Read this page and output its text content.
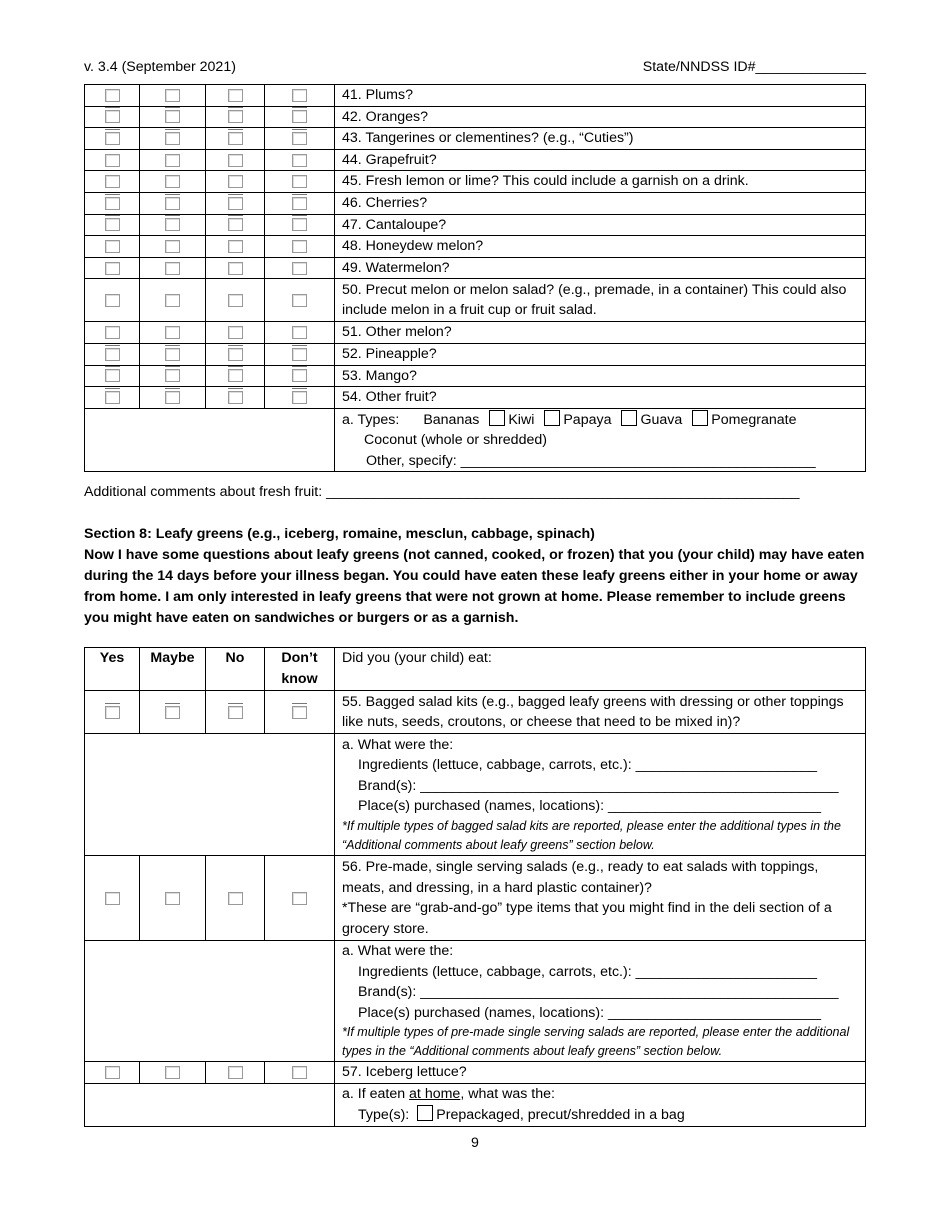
v. 3.4 (September 2021)	State/NNDSS ID#______________
				41. Plums?
				42. Oranges?
				43. Tangerines or clementines? (e.g., “Cuties”)
				44. Grapefruit?
				45. Fresh lemon or lime? This could include a garnish on a drink.
				46. Cherries?
				47. Cantaloupe?
				48. Honeydew melon?
				49. Watermelon?
				50. Precut melon or melon salad? (e.g., premade, in a container) This could also include melon in a fruit cup or fruit salad.
				51. Other melon?
				52. Pineapple?
				53. Mango?
				54. Other fruit?

				a. Types: Bananas Kiwi Papaya Guava Pomegranate
Coconut (whole or shredded)
Other, specify: _____________________________________________
Additional comments about fresh fruit: ____________________________________________________________
Section 8: Leafy greens (e.g., iceberg, romaine, mesclun, cabbage, spinach)
Now I have some questions about leafy greens (not canned, cooked, or frozen) that you (your child) may have eaten during the 14 days before your illness began. You could have eaten these leafy greens either in your home or away from home. I am only interested in leafy greens that were not grown at home. Please remember to include greens you might have eaten on sandwiches or burgers or as a garnish.
Yes	Maybe	No	Don’t know	Did you (your child) eat:
				55. Bagged salad kits (e.g., bagged leafy greens with dressing or other toppings like nuts, seeds, croutons, or cheese that need to be mixed in)?

				a. What were the:
Ingredients (lettuce, cabbage, carrots, etc.): _______________________
Brand(s): _____________________________________________________
Place(s) purchased (names, locations): ___________________________
*If multiple types of bagged salad kits are reported, please enter the additional types in the “Additional comments about leafy greens” section below.

				56. Pre-made, single serving salads (e.g., ready to eat salads with toppings, meats, and dressing, in a hard plastic container)?
*These are “grab-and-go” type items that you might find in the deli section of a grocery store.

				a. What were the:
Ingredients (lettuce, cabbage, carrots, etc.): _______________________
Brand(s): _____________________________________________________
Place(s) purchased (names, locations): ___________________________
*If multiple types of pre-made single serving salads are reported, please enter the additional types in the “Additional comments about leafy greens” section below.

				57. Iceberg lettuce?

				a. If eaten at home, what was the:
Type(s): Prepackaged, precut/shredded in a bag
9
